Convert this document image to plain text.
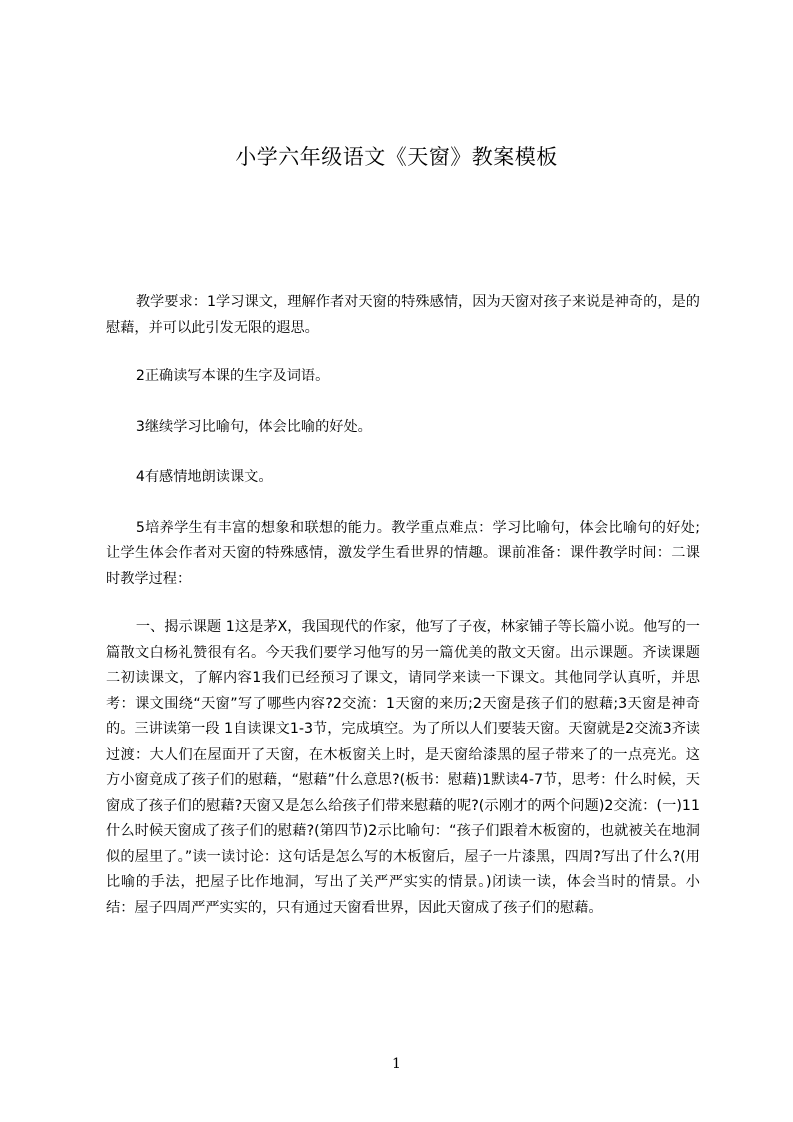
小学六年级语文《天窗》教案模板

教学要求：1学习课文，理解作者对天窗的特殊感情，因为天窗对孩子来说是神奇的，是的慰藉，并可以此引发无限的遐思。

2正确读写本课的生字及词语。

3继续学习比喻句，体会比喻的好处。

4有感情地朗读课文。

5培养学生有丰富的想象和联想的能力。教学重点难点：学习比喻句，体会比喻句的好处;让学生体会作者对天窗的特殊感情，激发学生看世界的情趣。课前准备：课件教学时间：二课时教学过程：

一、揭示课题 1这是茅X，我国现代的作家，他写了子夜，林家铺子等长篇小说。他写的一篇散文白杨礼赞很有名。今天我们要学习他写的另一篇优美的散文天窗。出示课题。齐读课题二初读课文，了解内容1我们已经预习了课文，请同学来读一下课文。其他同学认真听，并思考：课文围绕“天窗”写了哪些内容?2交流：1天窗的来历;2天窗是孩子们的慰藉;3天窗是神奇的。三讲读第一段 1自读课文1-3节，完成填空。为了所以人们要装天窗。天窗就是2交流3齐读过渡：大人们在屋面开了天窗，在木板窗关上时，是天窗给漆黑的屋子带来了的一点亮光。这方小窗竟成了孩子们的慰藉，“慰藉”什么意思?(板书：慰藉)1默读4-7节，思考：什么时候，天窗成了孩子们的慰藉?天窗又是怎么给孩子们带来慰藉的呢?(示刚才的两个问题)2交流：(一)11什么时候天窗成了孩子们的慰藉?(第四节)2示比喻句：“孩子们跟着木板窗的，也就被关在地洞似的屋里了。”读一读讨论：这句话是怎么写的木板窗后，屋子一片漆黑，四周?写出了什么?(用比喻的手法，把屋子比作地洞，写出了关严严实实的情景。)闭读一读，体会当时的情景。小结：屋子四周严严实实的，只有通过天窗看世界，因此天窗成了孩子们的慰藉。

1
